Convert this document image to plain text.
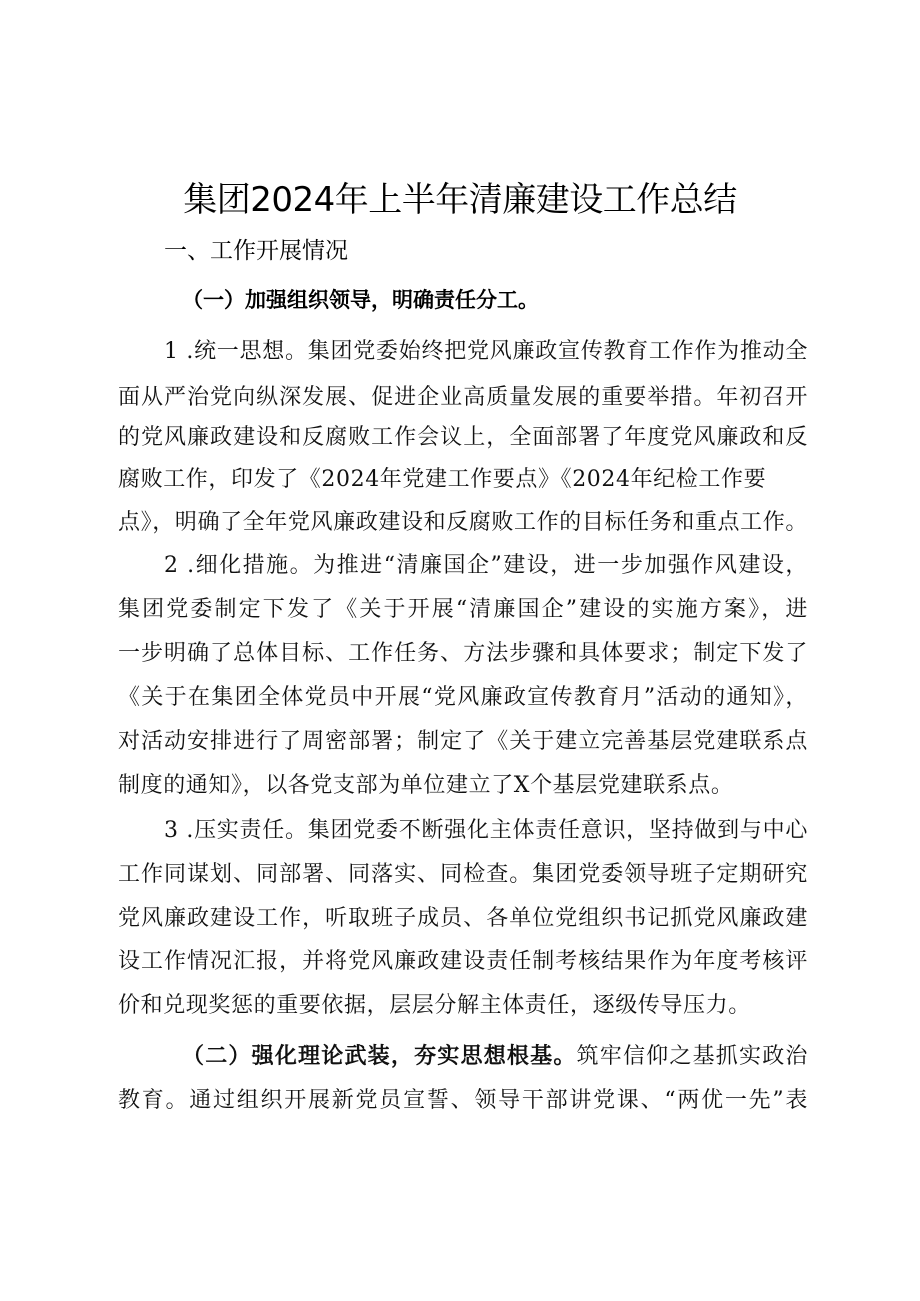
集团2024年上半年清廉建设工作总结
一、工作开展情况
（一）加强组织领导，明确责任分工。
1 .统一思想。集团党委始终把党风廉政宣传教育工作作为推动全
面从严治党向纵深发展、促进企业高质量发展的重要举措。年初召开
的党风廉政建设和反腐败工作会议上，全面部署了年度党风廉政和反
腐败工作，印发了《2024年党建工作要点》《2024年纪检工作要
点》，明确了全年党风廉政建设和反腐败工作的目标任务和重点工作。
2 .细化措施。为推进“清廉国企”建设，进一步加强作风建设，
集团党委制定下发了《关于开展“清廉国企”建设的实施方案》，进
一步明确了总体目标、工作任务、方法步骤和具体要求；制定下发了
《关于在集团全体党员中开展“党风廉政宣传教育月”活动的通知》，
对活动安排进行了周密部署；制定了《关于建立完善基层党建联系点
制度的通知》，以各党支部为单位建立了X个基层党建联系点。
3 .压实责任。集团党委不断强化主体责任意识，坚持做到与中心
工作同谋划、同部署、同落实、同检查。集团党委领导班子定期研究
党风廉政建设工作，听取班子成员、各单位党组织书记抓党风廉政建
设工作情况汇报，并将党风廉政建设责任制考核结果作为年度考核评
价和兑现奖惩的重要依据，层层分解主体责任，逐级传导压力。
（二）强化理论武装，夯实思想根基。筑牢信仰之基抓实政治
教育。通过组织开展新党员宣誓、领导干部讲党课、“两优一先”表
